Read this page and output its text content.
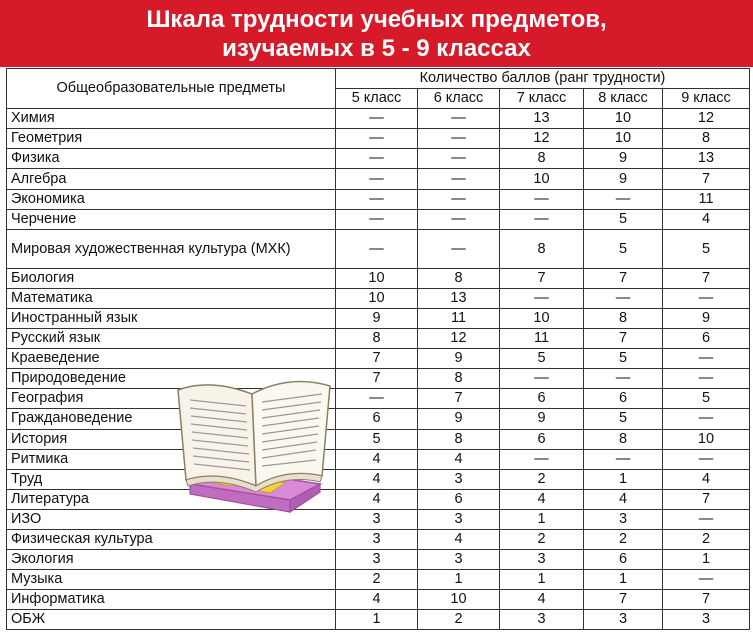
Шкала трудности учебных предметов,
изучаемых в 5 - 9 классах
Общеобразовательные предметы	Количество баллов (ранг трудности)				
	5 класс	6 класс	7 класс	8 класс	9 класс
Химия	—	—	13	10	12
Геометрия	—	—	12	10	8
Физика	—	—	8	9	13
Алгебра	—	—	10	9	7
Экономика	—	—	—	—	11
Черчение	—	—	—	5	4
Мировая художественная культура (МХК)	—	—	8	5	5
Биология	10	8	7	7	7
Математика	10	13	—	—	—
Иностранный язык	9	11	10	8	9
Русский язык	8	12	11	7	6
Краеведение	7	9	5	5	—
Природоведение	7	8	—	—	—
География	—	7	6	6	5
Граждановедение	6	9	9	5	—
История	5	8	6	8	10
Ритмика	4	4	—	—	—
Труд	4	3	2	1	4
Литература	4	6	4	4	7
ИЗО	3	3	1	3	—
Физическая культура	3	4	2	2	2
Экология	3	3	3	6	1
Музыка	2	1	1	1	—
Информатика	4	10	4	7	7
ОБЖ	1	2	3	3	3
